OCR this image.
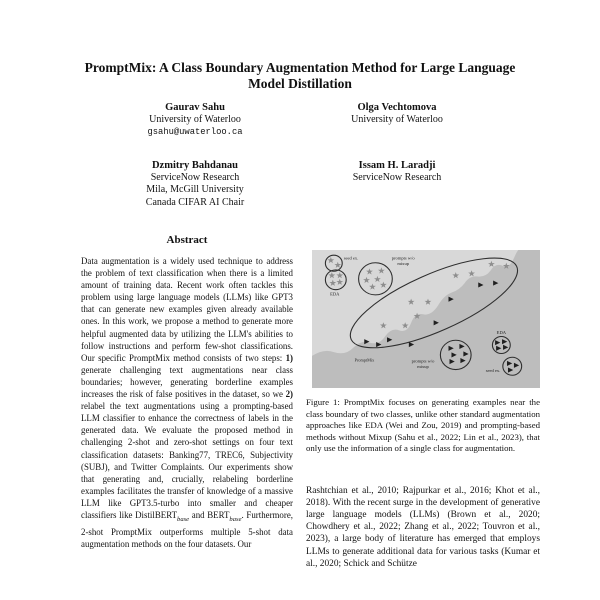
PromptMix: A Class Boundary Augmentation Method for Large Language
Model Distillation
Gaurav Sahu
University of Waterloo
gsahu@uwaterloo.ca
Olga Vechtomova
University of Waterloo
Dzmitry Bahdanau
ServiceNow Research
Mila, McGill University
Canada CIFAR AI Chair
Issam H. Laradji
ServiceNow Research
Abstract
Data augmentation is a widely used technique to address the problem of text classification when there is a limited amount of training data. Recent work often tackles this problem using large language models (LLMs) like GPT3 that can generate new examples given already available ones. In this work, we propose a method to generate more helpful augmented data by utilizing the LLM's abilities to follow instructions and perform few-shot classifications. Our specific PromptMix method consists of two steps: 1) generate challenging text augmentations near class boundaries; however, generating borderline examples increases the risk of false positives in the dataset, so we 2) relabel the text augmentations using a prompting-based LLM classifier to enhance the correctness of labels in the generated data. We evaluate the proposed method in challenging 2-shot and zero-shot settings on four text classification datasets: Banking77, TREC6, Subjectivity (SUBJ), and Twitter Complaints. Our experiments show that generating and, crucially, relabeling borderline examples facilitates the transfer of knowledge of a massive LLM like GPT3.5-turbo into smaller and cheaper classifiers like DistilBERT$_{base}$ and $BERT_{base}$. Furthermore, 2-shot PromptMix outperforms multiple 5-shot data augmentation methods on the four datasets. Our
seed ex.
EDA
prompts w/o
mixup
PromptMix	prompts w/o
mixup
EDA
seed ex.
Figure 1: PromptMix focuses on generating examples near the class boundary of two classes, unlike other standard augmentation approaches like EDA (Wei and Zou, 2019) and prompting-based methods without Mixup (Sahu et al., 2022; Lin et al., 2023), that only use the information of a single class for augmentation.
Rashtchian et al., 2010; Rajpurkar et al., 2016; Khot et al., 2018). With the recent surge in the development of generative large language models (LLMs) (Brown et al., 2020; Chowdhery et al., 2022; Zhang et al., 2022; Touvron et al., 2023), a large body of literature has emerged that employs LLMs to generate additional data for various tasks (Kumar et al., 2020; Schick and Schütze
